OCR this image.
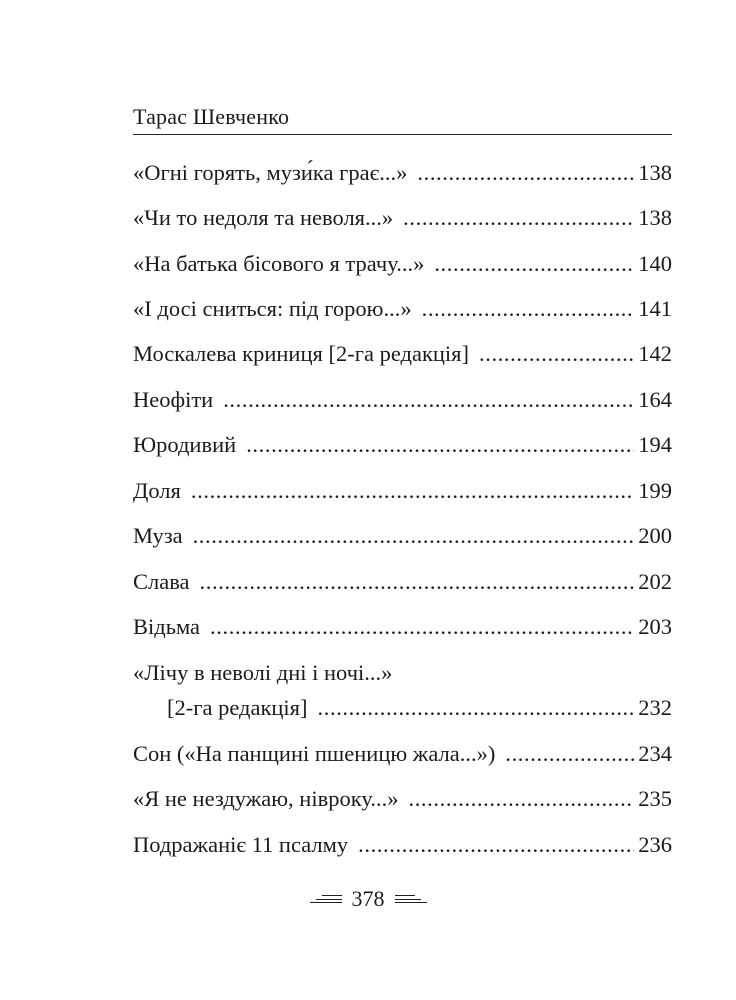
Тарас Шевченко
«Огні горять, музи́ка грає...» .....	138
«Чи то недоля та неволя...» .....	138
«На батька бісового я трачу...» .....	140
«І досі сниться: під горою...» .....	141
Москалева криниця [2-га редакція] .....	142
Неофіти .....	164
Юродивий .....	194
Доля .....	199
Муза .....	200
Слава .....	202
Відьма .....	203
«Лічу в неволі дні і ночі...»
[2-га редакція] .....	232
Сон («На панщині пшеницю жала...») .....	234
«Я не нездужаю, нівроку...» .....	235
Подражаніє 11 псалму .....	236
378
